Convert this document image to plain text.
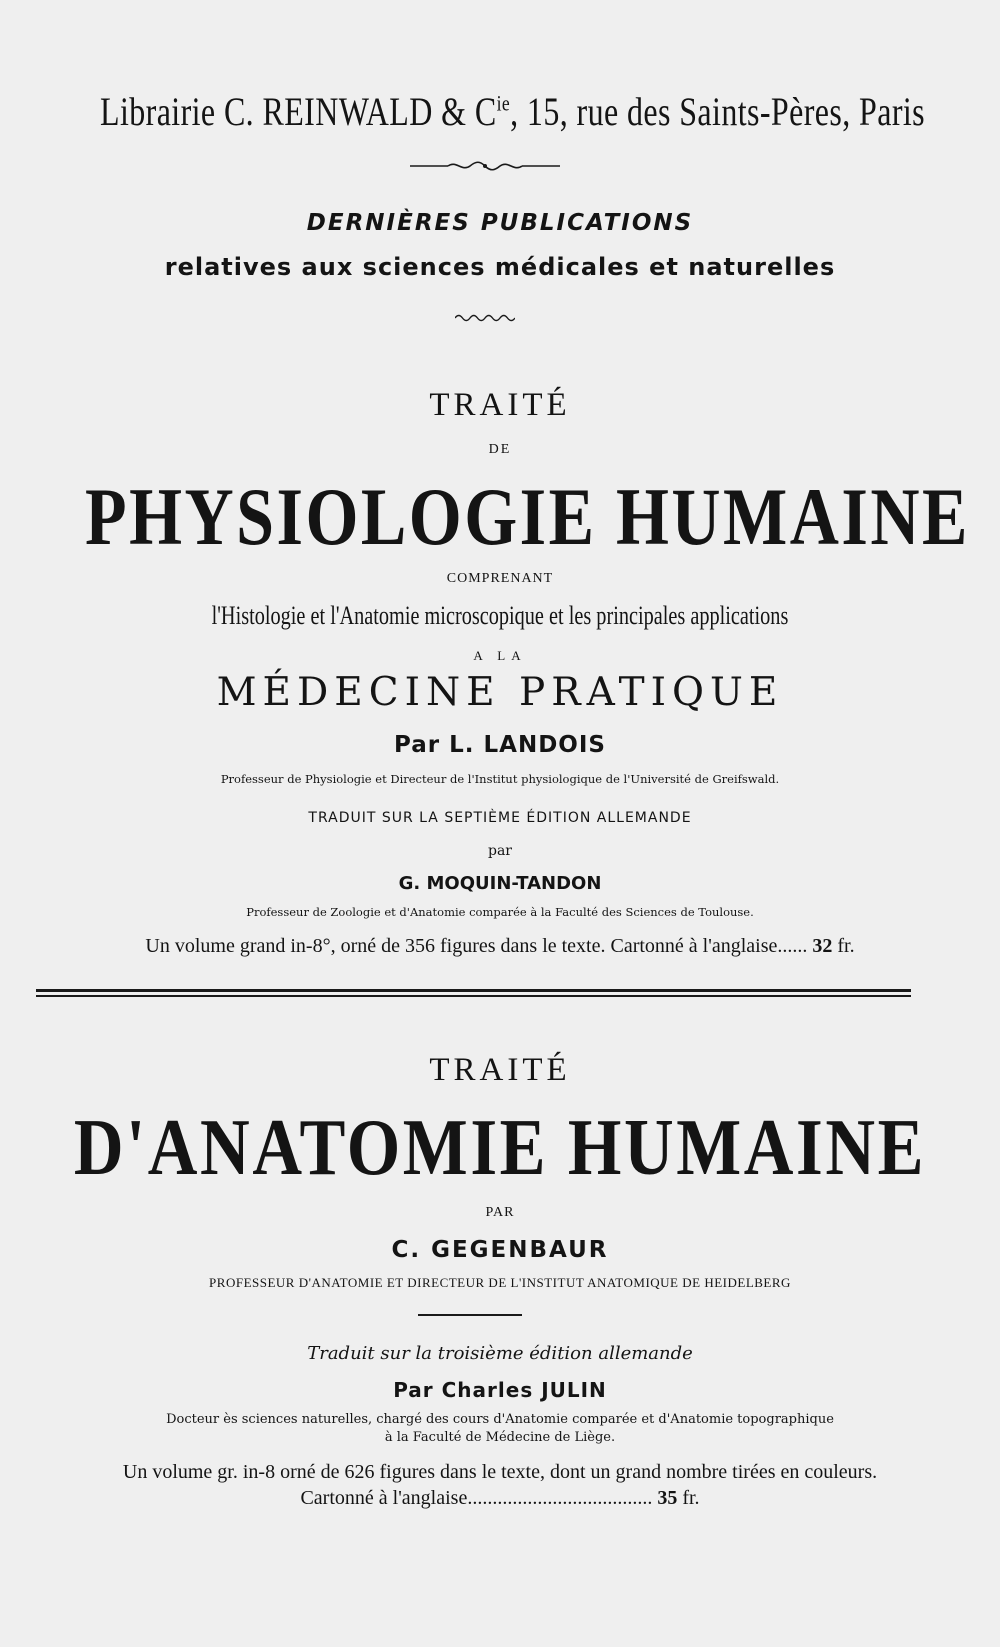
Librairie C. REINWALD & $C^{ie}$, 15, rue des Saints-Pères, Paris
DERNIÈRES PUBLICATIONS
relatives aux sciences médicales et naturelles
TRAITÉ
DE
PHYSIOLOGIE HUMAINE
COMPRENANT
l'Histologie et l'Anatomie microscopique et les principales applications
A LA
MÉDECINE PRATIQUE
Par L. LANDOIS
Professeur de Physiologie et Directeur de l'Institut physiologique de l'Université de Greifswald.
TRADUIT SUR LA SEPTIÈME ÉDITION ALLEMANDE
par
G. MOQUIN-TANDON
Professeur de Zoologie et d'Anatomie comparée à la Faculté des Sciences de Toulouse.
Un volume grand in-8°, orné de 356 figures dans le texte. Cartonné à l'anglaise...... 32 fr.
TRAITÉ
D'ANATOMIE HUMAINE
PAR
C. GEGENBAUR
PROFESSEUR D'ANATOMIE ET DIRECTEUR DE L'INSTITUT ANATOMIQUE DE HEIDELBERG
Traduit sur la troisième édition allemande
Par Charles JULIN
Docteur ès sciences naturelles, chargé des cours d'Anatomie comparée et d'Anatomie topographique
à la Faculté de Médecine de Liège.
Un volume gr. in-8 orné de 626 figures dans le texte, dont un grand nombre tirées en couleurs.
Cartonné à l'anglaise..................................... 35 fr.
